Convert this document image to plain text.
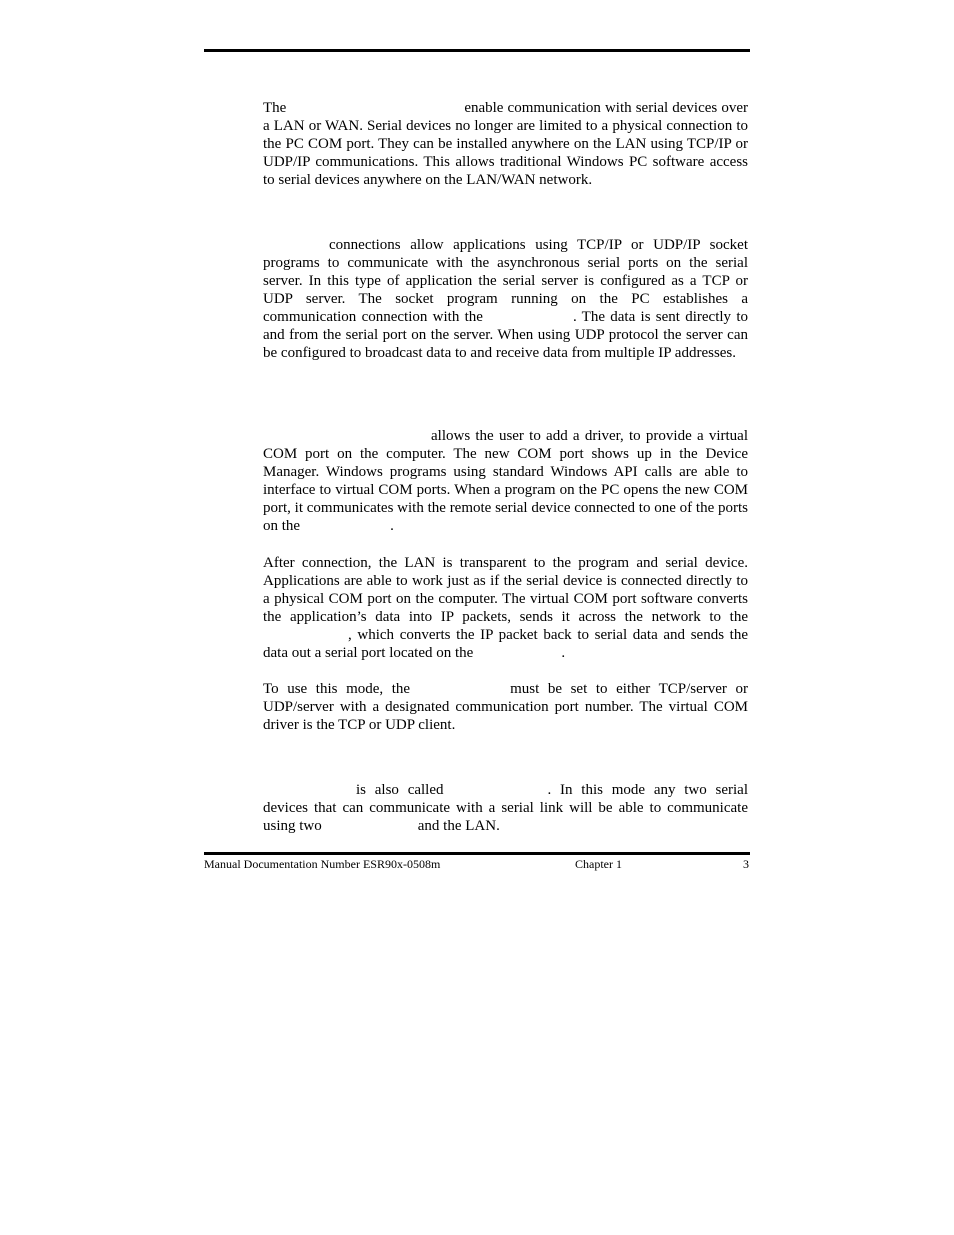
The	enable communication with serial devices over a LAN or WAN. Serial devices no longer are limited to a physical connection to the PC COM port. They can be installed anywhere on the LAN using TCP/IP or UDP/IP communications. This allows traditional Windows PC software access to serial devices anywhere on the LAN/WAN network.

connections allow applications using TCP/IP or UDP/IP socket programs to communicate with the asynchronous serial ports on the serial server. In this type of application the serial server is configured as a TCP or UDP server. The socket program running on the PC establishes a communication connection with the	. The data is sent directly to and from the serial port on the server. When using UDP protocol the server can be configured to broadcast data to and receive data from multiple IP addresses.

allows the user to add a driver, to provide a virtual COM port on the computer. The new COM port shows up in the Device Manager. Windows programs using standard Windows API calls are able to interface to virtual COM ports. When a program on the PC opens the new COM port, it communicates with the remote serial device connected to one of the ports on the	.

After connection, the LAN is transparent to the program and serial device. Applications are able to work just as if the serial device is connected directly to a physical COM port on the computer. The virtual COM port software converts the application’s data into IP packets, sends it across the network to the, which converts the IP packet back to serial data and sends the data out a serial port located on the	.

To use this mode, the	must be set to either TCP/server or UDP/server with a designated communication port number. The virtual COM driver is the TCP or UDP client.

is also called	. In this mode any two serial devices that can communicate with a serial link will be able to communicate using two	and the LAN.

Manual Documentation Number ESR90x-0508m	Chapter 1	3
